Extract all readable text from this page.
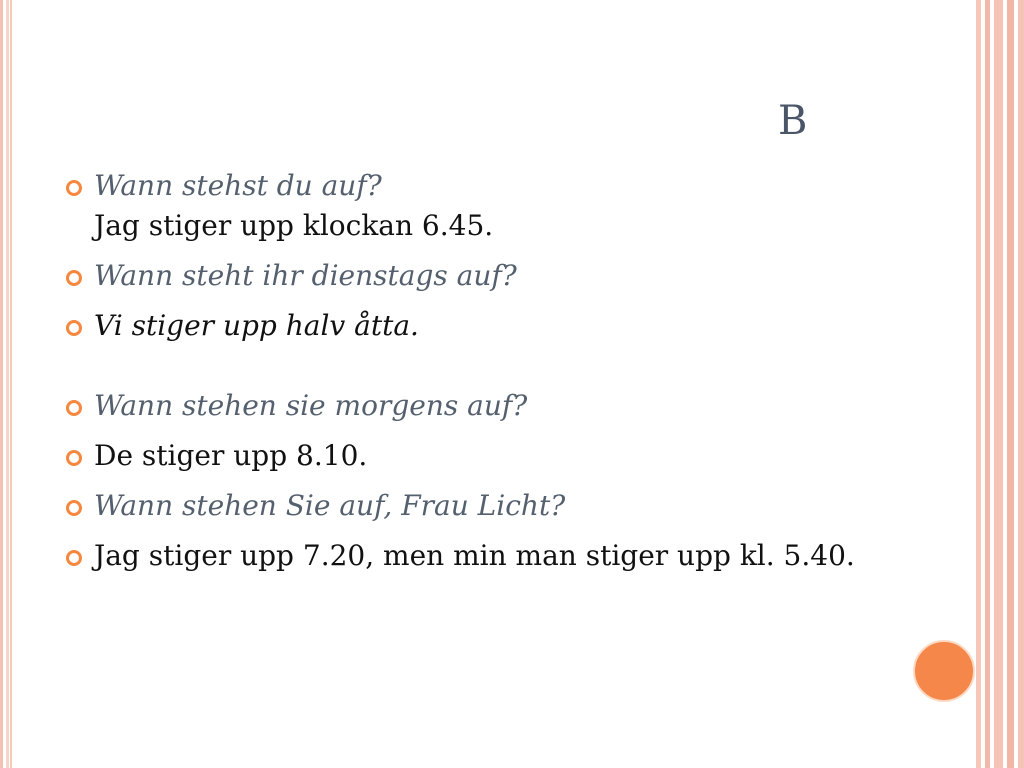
B
Wann stehst du auf?
Jag stiger upp klockan 6.45.
Wann steht ihr dienstags auf?
Vi stiger upp halv åtta.
Wann stehen sie morgens auf?
De stiger upp 8.10.
Wann stehen Sie auf, Frau Licht?
Jag stiger upp 7.20, men min man stiger upp kl. 5.40.
